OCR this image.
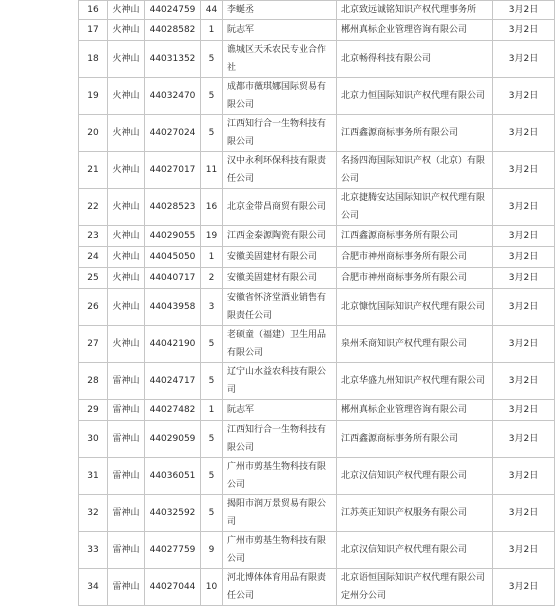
16	火神山	44024759	44	李蜒丞	北京致远诚铭知识产权代理事务所	3月2日
17	火神山	44028582	1	阮志军	郴州真标企业管理咨询有限公司	3月2日
18	火神山	44031352	5	谯城区天禾农民专业合作社	北京畅得科技有限公司	3月2日
19	火神山	44032470	5	成都市薇琪娜国际贸易有限公司	北京力恒国际知识产权代理有限公司	3月2日
20	火神山	44027024	5	江西知行合一生物科技有限公司	江西鑫源商标事务所有限公司	3月2日
21	火神山	44027017	11	汉中永利环保科技有限责任公司	名扬四海国际知识产权（北京）有限公司	3月2日
22	火神山	44028523	16	北京金带昌商贸有限公司	北京捷腾安达国际知识产权代理有限公司	3月2日
23	火神山	44029055	19	江西金泰源陶瓷有限公司	江西鑫源商标事务所有限公司	3月2日
24	火神山	44045050	1	安徽美固建材有限公司	合肥市神州商标事务所有限公司	3月2日
25	火神山	44040717	2	安徽美固建材有限公司	合肥市神州商标事务所有限公司	3月2日
26	火神山	44043958	3	安徽省怀济堂酒业销售有限责任公司	北京慷忱国际知识产权代理有限公司	3月2日
27	火神山	44042190	5	老硕童（福建）卫生用品有限公司	泉州禾商知识产权代理有限公司	3月2日
28	雷神山	44024717	5	辽宁山水益农科技有限公司	北京华盛九州知识产权代理有限公司	3月2日
29	雷神山	44027482	1	阮志军	郴州真标企业管理咨询有限公司	3月2日
30	雷神山	44029059	5	江西知行合一生物科技有限公司	江西鑫源商标事务所有限公司	3月2日
31	雷神山	44036051	5	广州市剪基生物科技有限公司	北京汉信知识产权代理有限公司	3月2日
32	雷神山	44032592	5	揭阳市润万景贸易有限公司	江苏英正知识产权服务有限公司	3月2日
33	雷神山	44027759	9	广州市剪基生物科技有限公司	北京汉信知识产权代理有限公司	3月2日
34	雷神山	44027044	10	河北博体体育用品有限责任公司	北京语恒国际知识产权代理有限公司定州分公司	3月2日
